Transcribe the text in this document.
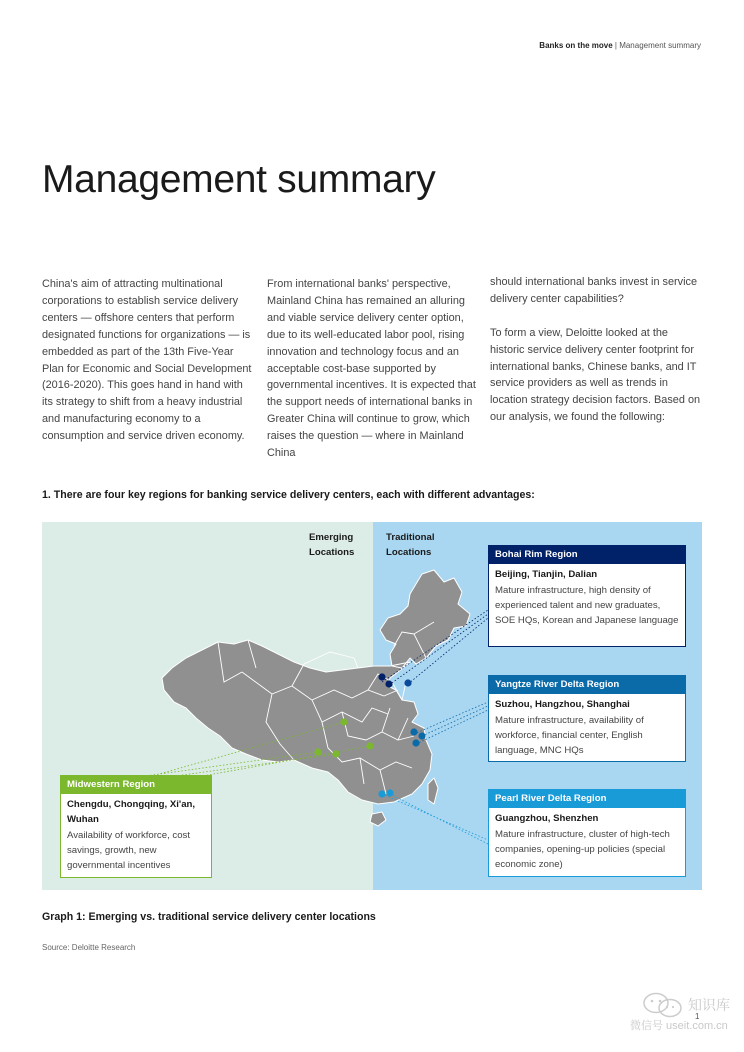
Banks on the move | Management summary
Management summary

China's aim of attracting multinational corporations to establish service delivery centers — offshore centers that perform designated functions for organizations — is embedded as part of the 13th Five-Year Plan for Economic and Social Development (2016-2020). This goes hand in hand with its strategy to shift from a heavy industrial and manufacturing economy to a consumption and service driven economy.

From international banks' perspective, Mainland China has remained an alluring and viable service delivery center option, due to its well-educated labor pool, rising innovation and technology focus and an acceptable cost-base supported by governmental incentives. It is expected that the support needs of international banks in Greater China will continue to grow, which raises the question — where in Mainland China

should international banks invest in service delivery center capabilities?

To form a view, Deloitte looked at the historic service delivery center footprint for international banks, Chinese banks, and IT service providers as well as trends in location strategy decision factors. Based on our analysis, we found the following:

1. There are four key regions for banking service delivery centers, each with different advantages:

Emerging Locations
Traditional Locations	Bohai Rim Region
Beijing, Tianjin, Dalian
Mature infrastructure, high density of experienced talent and new graduates, SOE HQs, Korean and Japanese language
Yangtze River Delta Region
Suzhou, Hangzhou, Shanghai
Mature infrastructure, availability of workforce, financial center, English language, MNC HQs
Pearl River Delta Region
Guangzhou, Shenzhen
Mature infrastructure, cluster of high-tech companies, opening-up policies (special economic zone)
Midwestern Region
Chengdu, Chongqing, Xi'an, Wuhan
Availability of workforce, cost savings, growth, new governmental incentives

Graph 1: Emerging vs. traditional service delivery center locations

Source: Deloitte Research

1
知识库
微信号 useit.com.cn
